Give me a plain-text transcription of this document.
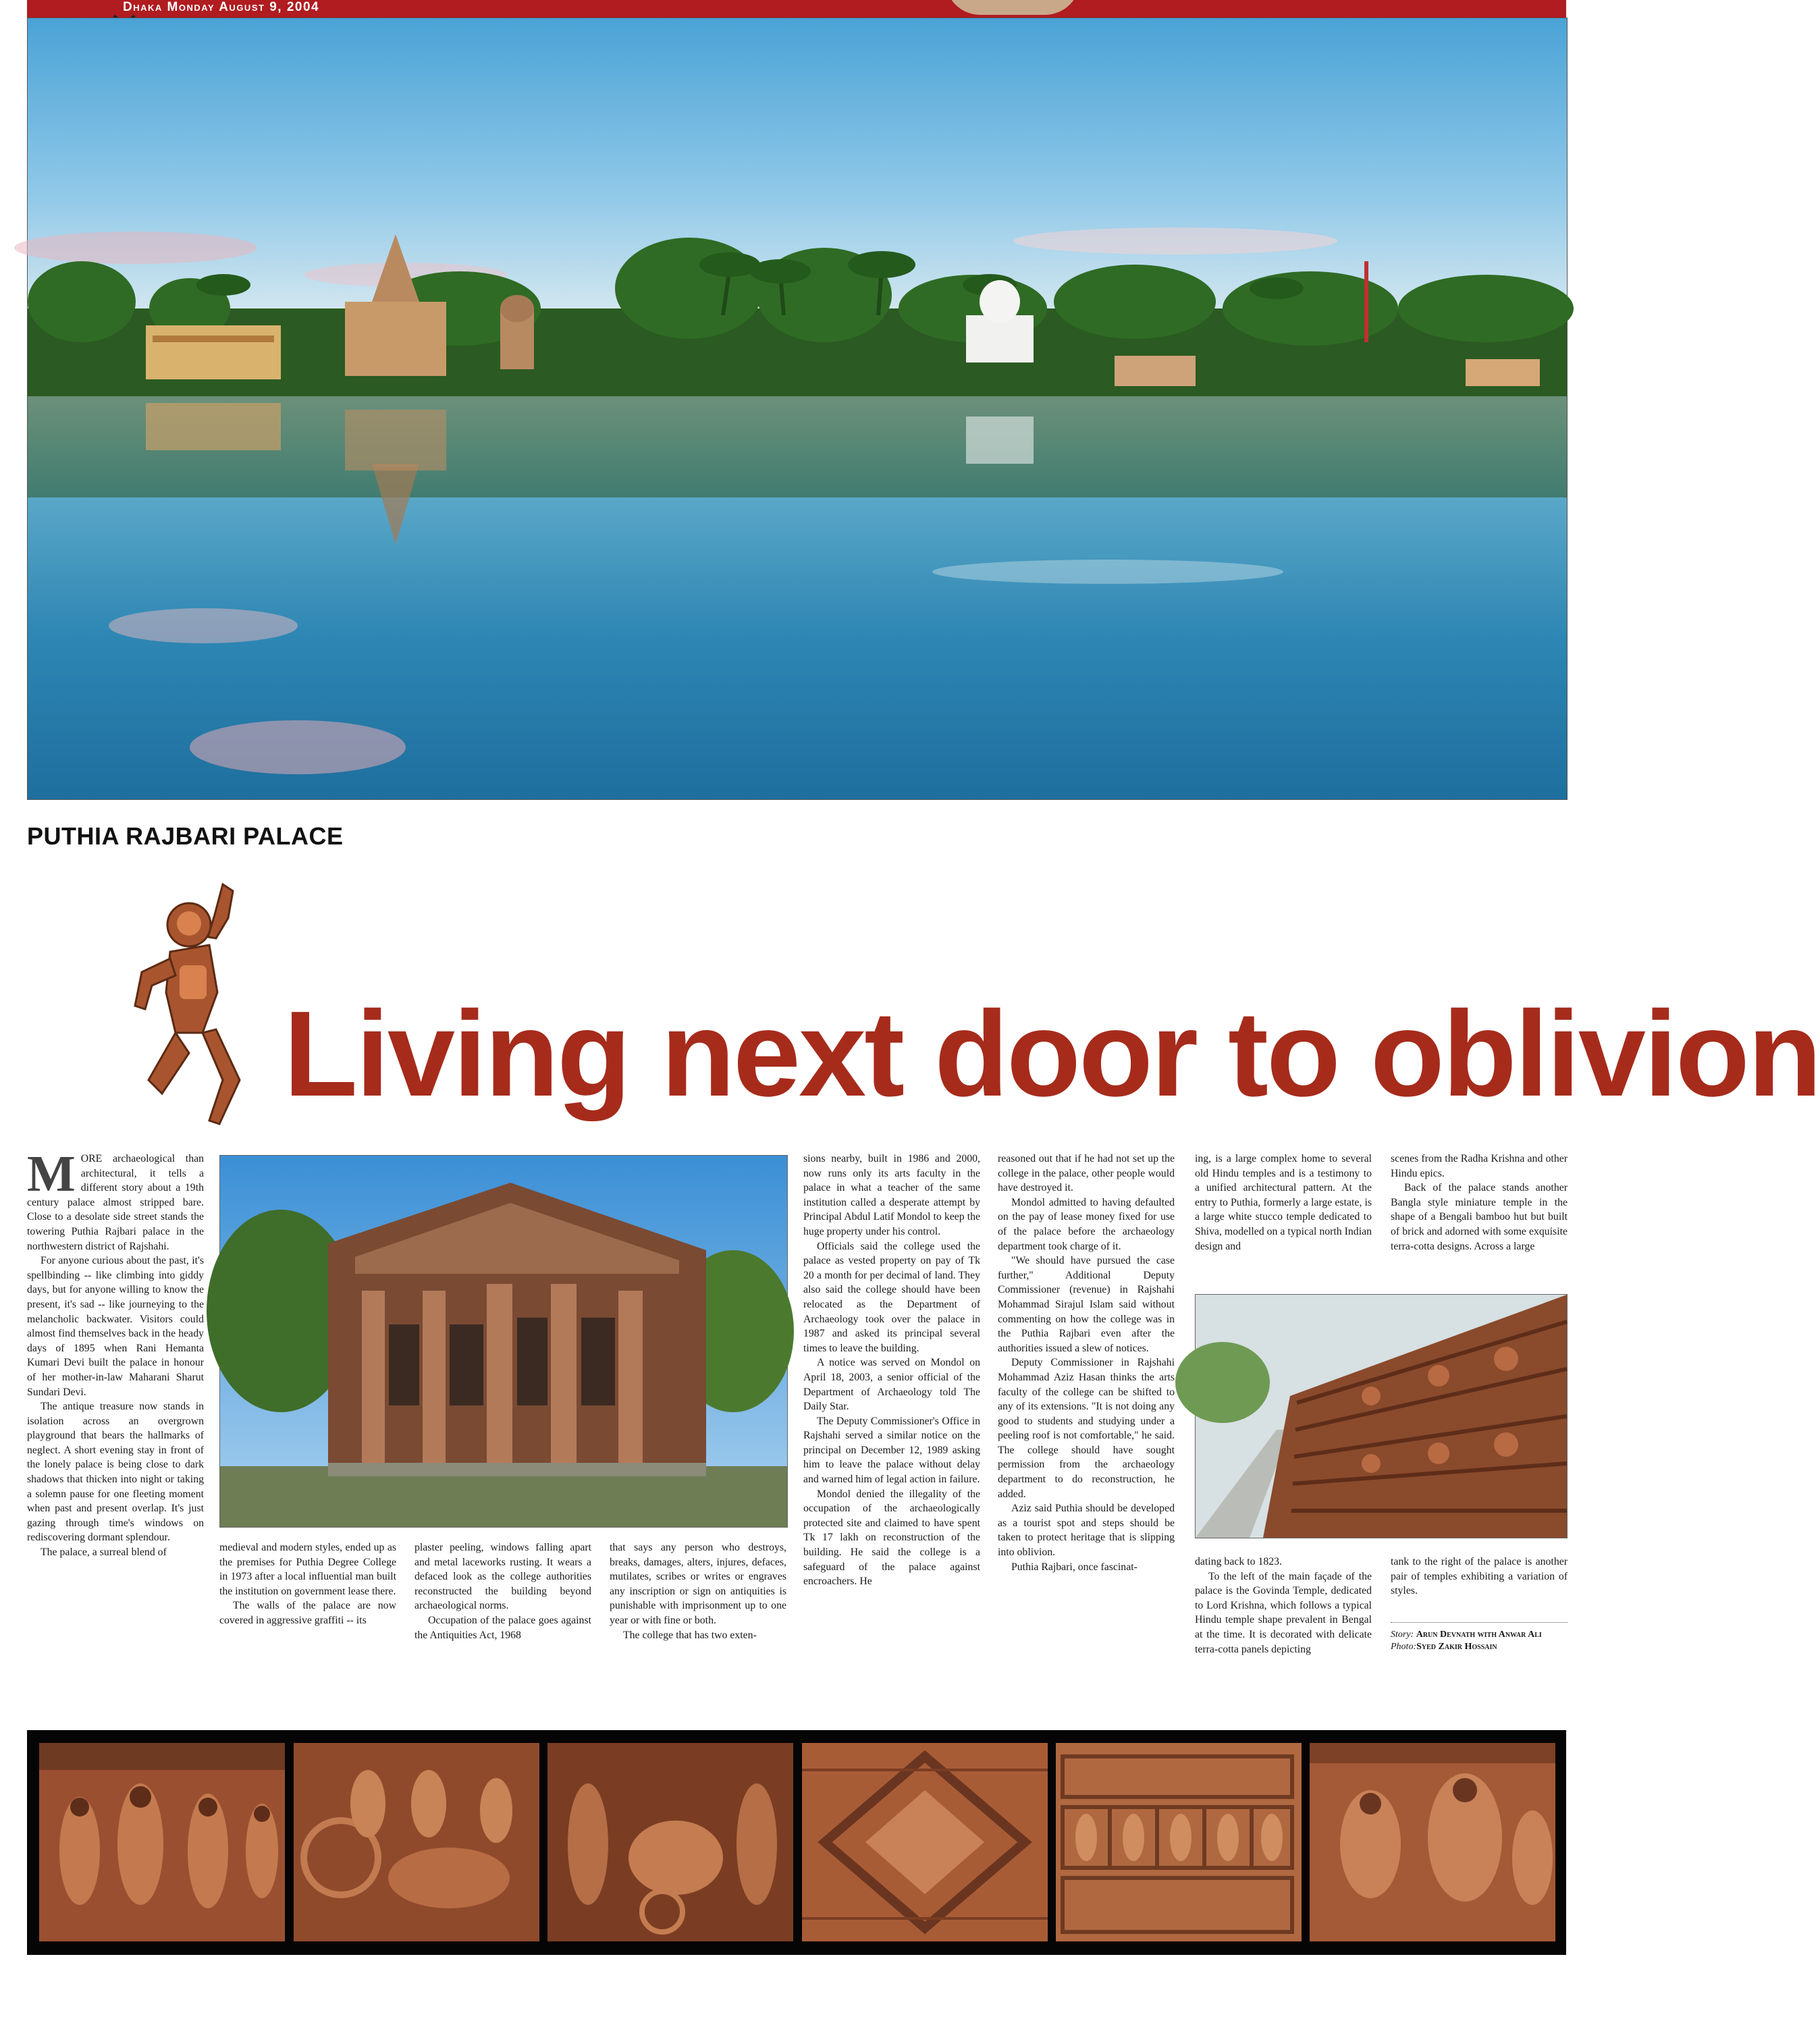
Dhaka Monday August 9, 2004
PUTHIA RAJBARI PALACE
Living next door to oblivion

MORE archaeological than architectural, it tells a different story about a 19th century palace almost stripped bare. Close to a desolate side street stands the towering Puthia Rajbari palace in the northwestern district of Rajshahi.

For anyone curious about the past, it's spellbinding -- like climbing into giddy days, but for anyone willing to know the present, it's sad -- like journeying to the melancholic backwater. Visitors could almost find themselves back in the heady days of 1895 when Rani Hemanta Kumari Devi built the palace in honour of her mother-in-law Maharani Sharut Sundari Devi.

The antique treasure now stands in isolation across an overgrown playground that bears the hallmarks of neglect. A short evening stay in front of the lonely palace is being close to dark shadows that thicken into night or taking a solemn pause for one fleeting moment when past and present overlap. It's just gazing through time's windows on rediscovering dormant splendour.

The palace, a surreal blend of	medieval and modern styles, ended up as the premises for Puthia Degree College in 1973 after a local influential man built the institution on government lease there.

The walls of the palace are now covered in aggressive graffiti -- its

plaster peeling, windows falling apart and metal laceworks rusting. It wears a defaced look as the college authorities reconstructed the building beyond archaeological norms.

Occupation of the palace goes against the Antiquities Act, 1968

that says any person who destroys, breaks, damages, alters, injures, defaces, mutilates, scribes or writes or engraves any inscription or sign on antiquities is punishable with imprisonment up to one year or with fine or both.

The college that has two exten-

sions nearby, built in 1986 and 2000, now runs only its arts faculty in the palace in what a teacher of the same institution called a desperate attempt by Principal Abdul Latif Mondol to keep the huge property under his control.

Officials said the college used the palace as vested property on pay of Tk 20 a month for per decimal of land. They also said the college should have been relocated as the Department of Archaeology took over the palace in 1987 and asked its principal several times to leave the building.

A notice was served on Mondol on April 18, 2003, a senior official of the Department of Archaeology told The Daily Star.

The Deputy Commissioner's Office in Rajshahi served a similar notice on the principal on December 12, 1989 asking him to leave the palace without delay and warned him of legal action in failure.

Mondol denied the illegality of the occupation of the archaeologically protected site and claimed to have spent Tk 17 lakh on reconstruction of the building. He said the college is a safeguard of the palace against encroachers. He

reasoned out that if he had not set up the college in the palace, other people would have destroyed it.

Mondol admitted to having defaulted on the pay of lease money fixed for use of the palace before the archaeology department took charge of it.

"We should have pursued the case further," Additional Deputy Commissioner (revenue) in Rajshahi Mohammad Sirajul Islam said without commenting on how the college was in the Puthia Rajbari even after the authorities issued a slew of notices.

Deputy Commissioner in Rajshahi Mohammad Aziz Hasan thinks the arts faculty of the college can be shifted to any of its extensions. "It is not doing any good to students and studying under a peeling roof is not comfortable," he said. The college should have sought permission from the archaeology department to do reconstruction, he added.

Aziz said Puthia should be developed as a tourist spot and steps should be taken to protect heritage that is slipping into oblivion.

Puthia Rajbari, once fascinat-

ing, is a large complex home to several old Hindu temples and is a testimony to a unified architectural pattern. At the entry to Puthia, formerly a large estate, is a large white stucco temple dedicated to Shiva, modelled on a typical north Indian design and

scenes from the Radha Krishna and other Hindu epics.

Back of the palace stands another Bangla style miniature temple in the shape of a Bengali bamboo hut but built of brick and adorned with some exquisite terra-cotta designs. Across a large

dating back to 1823.

To the left of the main façade of the palace is the Govinda Temple, dedicated to Lord Krishna, which follows a typical Hindu temple shape prevalent in Bengal at the time. It is decorated with delicate terra-cotta panels depicting

tank to the right of the palace is another pair of temples exhibiting a variation of styles.

Story: Arun Devnath with Anwar Ali
Photo:Syed Zakir Hossain
